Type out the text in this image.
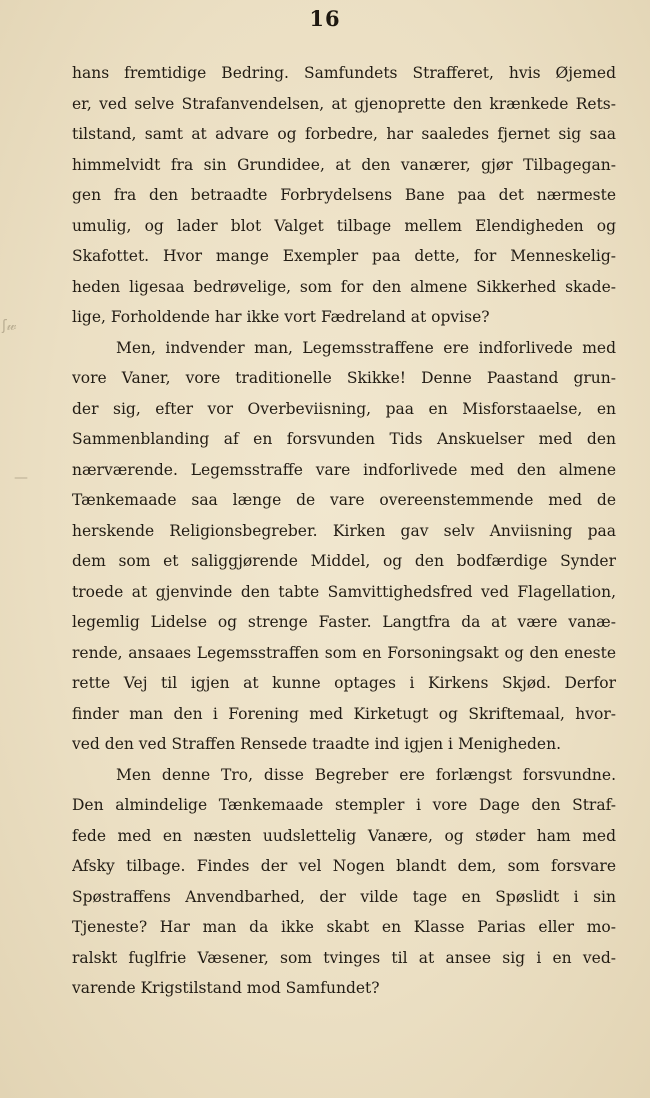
16
hans fremtidige Bedring. Samfundets Strafferet, hvis Øjemed
er, ved selve Strafanvendelsen, at gjenoprette den krænkede Rets-
tilstand, samt at advare og forbedre, har saaledes fjernet sig saa
himmelvidt fra sin Grundidee, at den vanærer, gjør Tilbagegan-
gen fra den betraadte Forbrydelsens Bane paa det nærmeste
umulig, og lader blot Valget tilbage mellem Elendigheden og
Skafottet. Hvor mange Exempler paa dette, for Menneskelig-
heden ligesaa bedrøvelige, som for den almene Sikkerhed skade-
lige, Forholdende har ikke vort Fædreland at opvise?
Men, indvender man, Legemsstraffene ere indforlivede med
vore Vaner, vore traditionelle Skikke! Denne Paastand grun-
der sig, efter vor Overbeviisning, paa en Misforstaaelse, en
Sammenblanding af en forsvunden Tids Anskuelser med den
nærværende. Legemsstraffe vare indforlivede med den almene
Tænkemaade saa længe de vare overeenstemmende med de
herskende Religionsbegreber. Kirken gav selv Anviisning paa
dem som et saliggjørende Middel, og den bodfærdige Synder
troede at gjenvinde den tabte Samvittighedsfred ved Flagellation,
legemlig Lidelse og strenge Faster. Langtfra da at være vanæ-
rende, ansaaes Legemsstraffen som en Forsoningsakt og den eneste
rette Vej til igjen at kunne optages i Kirkens Skjød. Derfor
finder man den i Forening med Kirketugt og Skriftemaal, hvor-
ved den ved Straffen Rensede traadte ind igjen i Menigheden.
Men denne Tro, disse Begreber ere forlængst forsvundne.
Den almindelige Tænkemaade stempler i vore Dage den Straf-
fede med en næsten uudslettelig Vanære, og støder ham med
Afsky tilbage. Findes der vel Nogen blandt dem, som forsvare
Spøstraffens Anvendbarhed, der vilde tage en Spøslidt i sin
Tjeneste? Har man da ikke skabt en Klasse Parias eller mo-
ralskt fuglfrie Væsener, som tvinges til at ansee sig i en ved-
varende Krigstilstand mod Samfundet?
ʃ𝓌
—
